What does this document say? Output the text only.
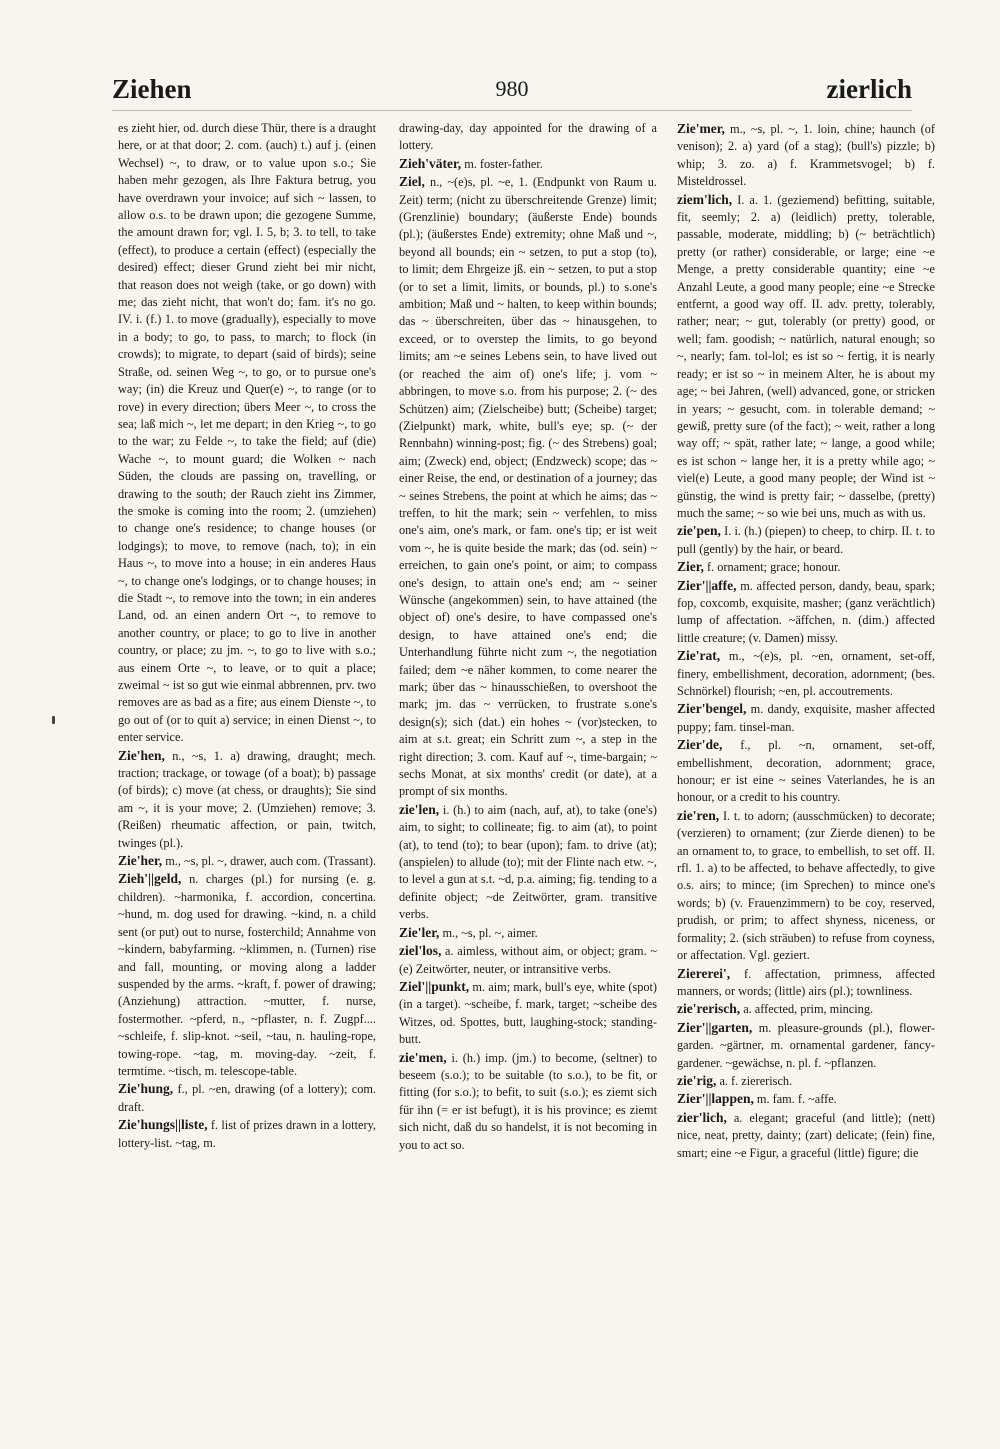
Ziehen	980	zierlich

es zieht hier, od. durch diese Thür, there is a draught here, or at that door; 2. com. (auch) t.) auf j. (einen Wechsel) ~, to draw, or to value upon s.o.; Sie haben mehr gezogen, als Ihre Faktura betrug, you have overdrawn your invoice; auf sich ~ lassen, to allow o.s. to be drawn upon; die gezogene Summe, the amount drawn for; vgl. I. 5, b; 3. to tell, to take (effect), to produce a certain (effect) (especially the desired) effect; dieser Grund zieht bei mir nicht, that reason does not weigh (take, or go down) with me; das zieht nicht, that won't do; fam. it's no go. IV. i. (f.) 1. to move (gradually), especially to move in a body; to go, to pass, to march; to flock (in crowds); to migrate, to depart (said of birds); seine Straße, od. seinen Weg ~, to go, or to pursue one's way; (in) die Kreuz und Quer(e) ~, to range (or to rove) in every direction; übers Meer ~, to cross the sea; laß mich ~, let me depart; in den Krieg ~, to go to the war; zu Felde ~, to take the field; auf (die) Wache ~, to mount guard; die Wolken ~ nach Süden, the clouds are passing on, travelling, or drawing to the south; der Rauch zieht ins Zimmer, the smoke is coming into the room; 2. (umziehen) to change one's residence; to change houses (or lodgings); to move, to remove (nach, to); in ein Haus ~, to move into a house; in ein anderes Haus ~, to change one's lodgings, or to change houses; in die Stadt ~, to remove into the town; in ein anderes Land, od. an einen andern Ort ~, to remove to another country, or place; to go to live in another country, or place; zu jm. ~, to go to live with s.o.; aus einem Orte ~, to leave, or to quit a place; zweimal ~ ist so gut wie einmal abbrennen, prv. two removes are as bad as a fire; aus einem Dienste ~, to go out of (or to quit a) service; in einen Dienst ~, to enter service.

Zie'hen, n., ~s, 1. a) drawing, draught; mech. traction; trackage, or towage (of a boat); b) passage (of birds); c) move (at chess, or draughts); Sie sind am ~, it is your move; 2. (Umziehen) remove; 3. (Reißen) rheumatic affection, or pain, twitch, twinges (pl.).

Zie'her, m., ~s, pl. ~, drawer, auch com. (Trassant).

Zieh'||geld, n. charges (pl.) for nursing (e. g. children). ~harmonika, f. accordion, concertina. ~hund, m. dog used for drawing. ~kind, n. a child sent (or put) out to nurse, fosterchild; Annahme von ~kindern, babyfarming. ~klimmen, n. (Turnen) rise and fall, mounting, or moving along a ladder suspended by the arms. ~kraft, f. power of drawing; (Anziehung) attraction. ~mutter, f. nurse, fostermother. ~pferd, n., ~pflaster, n. f. Zugpf.... ~schleife, f. slip-knot. ~seil, ~tau, n. hauling-rope, towing-rope. ~tag, m. moving-day. ~zeit, f. termtime. ~tisch, m. telescope-table.

Zie'hung, f., pl. ~en, drawing (of a lottery); com. draft.

Zie'hungs||liste, f. list of prizes drawn in a lottery, lottery-list. ~tag, m.

drawing-day, day appointed for the drawing of a lottery.

Zieh'väter, m. foster-father.

Ziel, n., ~(e)s, pl. ~e, 1. (Endpunkt von Raum u. Zeit) term; (nicht zu überschreitende Grenze) limit; (Grenzlinie) boundary; (äußerste Ende) bounds (pl.); (äußerstes Ende) extremity; ohne Maß und ~, beyond all bounds; ein ~ setzen, to put a stop (to), to limit; dem Ehrgeize jß. ein ~ setzen, to put a stop (or to set a limit, limits, or bounds, pl.) to s.one's ambition; Maß und ~ halten, to keep within bounds; das ~ überschreiten, über das ~ hinausgehen, to exceed, or to overstep the limits, to go beyond limits; am ~e seines Lebens sein, to have lived out (or reached the aim of) one's life; j. vom ~ abbringen, to move s.o. from his purpose; 2. (~ des Schützen) aim; (Zielscheibe) butt; (Scheibe) target; (Zielpunkt) mark, white, bull's eye; sp. (~ der Rennbahn) winning-post; fig. (~ des Strebens) goal; aim; (Zweck) end, object; (Endzweck) scope; das ~ einer Reise, the end, or destination of a journey; das ~ seines Strebens, the point at which he aims; das ~ treffen, to hit the mark; sein ~ verfehlen, to miss one's aim, one's mark, or fam. one's tip; er ist weit vom ~, he is quite beside the mark; das (od. sein) ~ erreichen, to gain one's point, or aim; to compass one's design, to attain one's end; am ~ seiner Wünsche (angekommen) sein, to have attained (the object of) one's desire, to have compassed one's design, to have attained one's end; die Unterhandlung führte nicht zum ~, the negotiation failed; dem ~e näher kommen, to come nearer the mark; über das ~ hinausschießen, to overshoot the mark; jm. das ~ verrücken, to frustrate s.one's design(s); sich (dat.) ein hohes ~ (vor)stecken, to aim at s.t. great; ein Schritt zum ~, a step in the right direction; 3. com. Kauf auf ~, time-bargain; ~ sechs Monat, at six months' credit (or date), at a prompt of six months.

zie'len, i. (h.) to aim (nach, auf, at), to take (one's) aim, to sight; to collineate; fig. to aim (at), to point (at), to tend (to); to bear (upon); fam. to drive (at); (anspielen) to allude (to); mit der Flinte nach etw. ~, to level a gun at s.t. ~d, p.a. aiming; fig. tending to a definite object; ~de Zeitwörter, gram. transitive verbs.

Zie'ler, m., ~s, pl. ~, aimer.

ziel'los, a. aimless, without aim, or object; gram. ~(e) Zeitwörter, neuter, or intransitive verbs.

Ziel'||punkt, m. aim; mark, bull's eye, white (spot) (in a target). ~scheibe, f. mark, target; ~scheibe des Witzes, od. Spottes, butt, laughing-stock; standing-butt.

zie'men, i. (h.) imp. (jm.) to become, (seltner) to beseem (s.o.); to be suitable (to s.o.), to be fit, or fitting (for s.o.); to befit, to suit (s.o.); es ziemt sich für ihn (= er ist befugt), it is his province; es ziemt sich nicht, daß du so handelst, it is not becoming in you to act so.

Zie'mer, m., ~s, pl. ~, 1. loin, chine; haunch (of venison); 2. a) yard (of a stag); (bull's) pizzle; b) whip; 3. zo. a) f. Krammetsvogel; b) f. Misteldrossel.

ziem'lich, I. a. 1. (geziemend) befitting, suitable, fit, seemly; 2. a) (leidlich) pretty, tolerable, passable, moderate, middling; b) (~ beträchtlich) pretty (or rather) considerable, or large; eine ~e Menge, a pretty considerable quantity; eine ~e Anzahl Leute, a good many people; eine ~e Strecke entfernt, a good way off. II. adv. pretty, tolerably, rather; near; ~ gut, tolerably (or pretty) good, or well; fam. goodish; ~ natürlich, natural enough; so ~, nearly; fam. tol-lol; es ist so ~ fertig, it is nearly ready; er ist so ~ in meinem Alter, he is about my age; ~ bei Jahren, (well) advanced, gone, or stricken in years; ~ gesucht, com. in tolerable demand; ~ gewiß, pretty sure (of the fact); ~ weit, rather a long way off; ~ spät, rather late; ~ lange, a good while; es ist schon ~ lange her, it is a pretty while ago; ~ viel(e) Leute, a good many people; der Wind ist ~ günstig, the wind is pretty fair; ~ dasselbe, (pretty) much the same; ~ so wie bei uns, much as with us.

zie'pen, I. i. (h.) (piepen) to cheep, to chirp. II. t. to pull (gently) by the hair, or beard.

Zier, f. ornament; grace; honour.

Zier'||affe, m. affected person, dandy, beau, spark; fop, coxcomb, exquisite, masher; (ganz verächtlich) lump of affectation. ~äffchen, n. (dim.) affected little creature; (v. Damen) missy.

Zie'rat, m., ~(e)s, pl. ~en, ornament, set-off, finery, embellishment, decoration, adornment; (bes. Schnörkel) flourish; ~en, pl. accoutrements.

Zier'bengel, m. dandy, exquisite, masher affected puppy; fam. tinsel-man.

Zier'de, f., pl. ~n, ornament, set-off, embellishment, decoration, adornment; grace, honour; er ist eine ~ seines Vaterlandes, he is an honour, or a credit to his country.

zie'ren, I. t. to adorn; (ausschmücken) to decorate; (verzieren) to ornament; (zur Zierde dienen) to be an ornament to, to grace, to embellish, to set off. II. rfl. 1. a) to be affected, to behave affectedly, to give o.s. airs; to mince; (im Sprechen) to mince one's words; b) (v. Frauenzimmern) to be coy, reserved, prudish, or prim; to affect shyness, niceness, or formality; 2. (sich sträuben) to refuse from coyness, or affectation. Vgl. geziert.

Ziererei', f. affectation, primness, affected manners, or words; (little) airs (pl.); townliness.

zie'rerisch, a. affected, prim, mincing.

Zier'||garten, m. pleasure-grounds (pl.), flower-garden. ~gärtner, m. ornamental gardener, fancy-gardener. ~gewächse, n. pl. f. ~pflanzen.

zie'rig, a. f. ziererisch.

Zier'||lappen, m. fam. f. ~affe.

zier'lich, a. elegant; graceful (and little); (nett) nice, neat, pretty, dainty; (zart) delicate; (fein) fine, smart; eine ~e Figur, a graceful (little) figure; die
